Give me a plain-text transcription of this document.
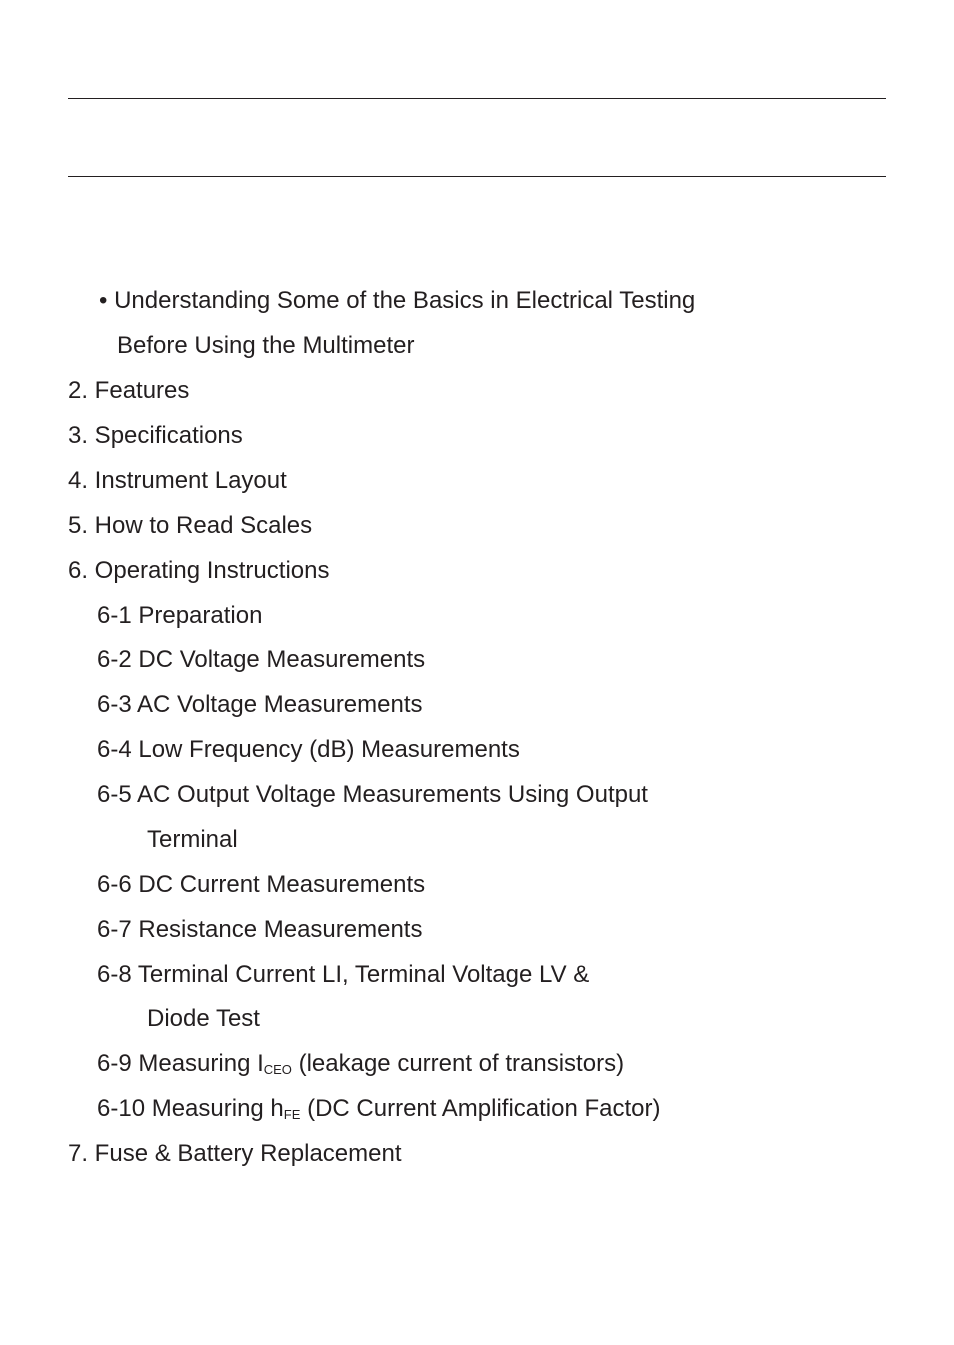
• Understanding Some of the Basics in Electrical Testing
Before Using the Multimeter
2. Features
3. Specifications
4. Instrument Layout
5. How to Read Scales
6. Operating Instructions
6-1 Preparation
6-2 DC Voltage Measurements
6-3 AC Voltage Measurements
6-4 Low Frequency (dB) Measurements
6-5 AC Output Voltage Measurements Using Output
Terminal
6-6 DC Current Measurements
6-7 Resistance Measurements
6-8 Terminal Current LI, Terminal Voltage LV &
Diode Test
6-9 Measuring $I_{CEO}$ (leakage current of transistors)
6-10 Measuring $h_{FE}$ (DC Current Amplification Factor)
7. Fuse & Battery Replacement
